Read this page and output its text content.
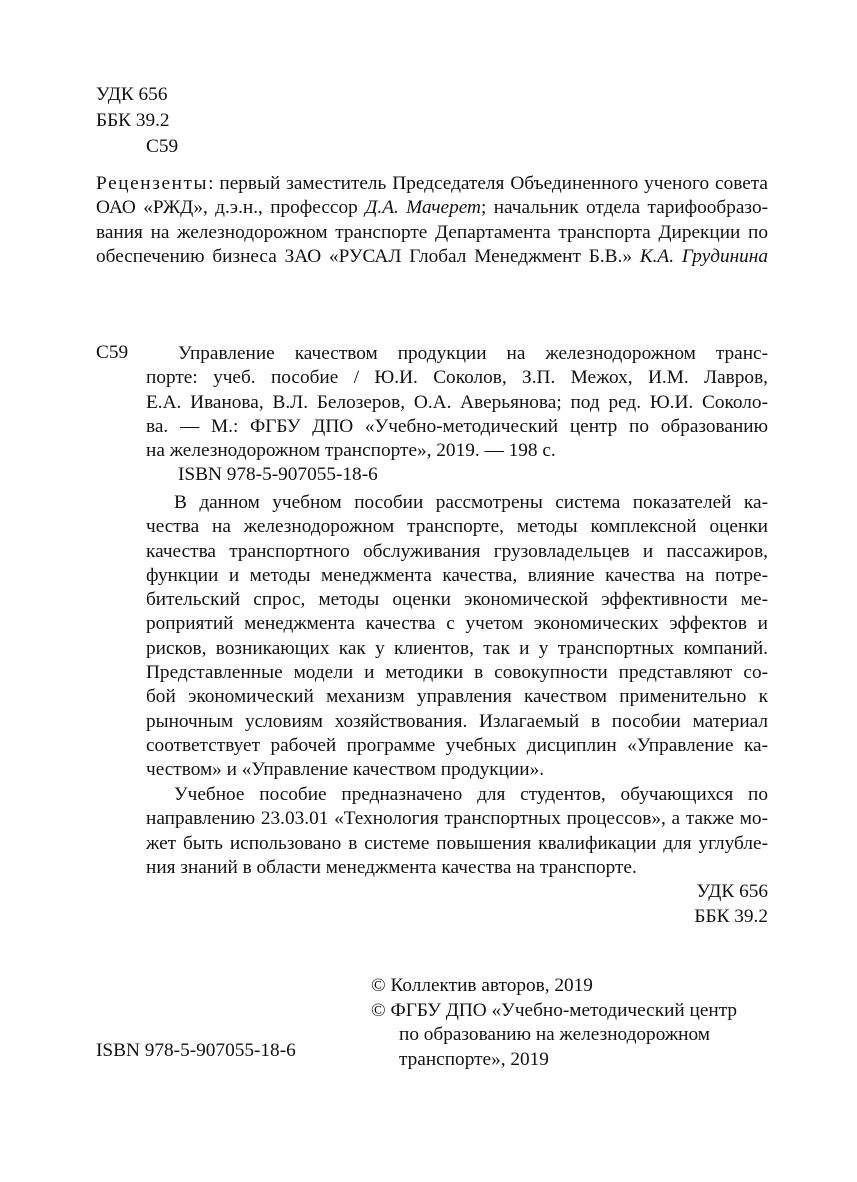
УДК 656
ББК 39.2
С59
Рецензенты: первый заместитель Председателя Объединенного ученого совета
ОАО «РЖД», д.э.н., профессор Д.А. Мачерет; начальник отдела тарифообразо-
вания на железнодорожном транспорте Департамента транспорта Дирекции по
обеспечению бизнеса ЗАО «РУСАЛ Глобал Менеджмент Б.В.» К.А. Грудинина
С59	Управление качеством продукции на железнодорожном транс-
порте: учеб. пособие / Ю.И. Соколов, З.П. Межох, И.М. Лавров,
Е.А. Иванова, В.Л. Белозеров, О.А. Аверьянова; под ред. Ю.И. Соколо-
ва. — М.: ФГБУ ДПО «Учебно-методический центр по образованию
на железнодорожном транспорте», 2019. — 198 с.
ISBN 978-5-907055-18-6
В данном учебном пособии рассмотрены система показателей ка-
чества на железнодорожном транспорте, методы комплексной оценки
качества транспортного обслуживания грузовладельцев и пассажиров,
функции и методы менеджмента качества, влияние качества на потре-
бительский спрос, методы оценки экономической эффективности ме-
роприятий менеджмента качества с учетом экономических эффектов и
рисков, возникающих как у клиентов, так и у транспортных компаний.
Представленные модели и методики в совокупности представляют со-
бой экономический механизм управления качеством применительно к
рыночным условиям хозяйствования. Излагаемый в пособии материал
соответствует рабочей программе учебных дисциплин «Управление ка-
чеством» и «Управление качеством продукции».
Учебное пособие предназначено для студентов, обучающихся по
направлению 23.03.01 «Технология транспортных процессов», а также мо-
жет быть использовано в системе повышения квалификации для углубле-
ния знаний в области менеджмента качества на транспорте.
УДК 656
ББК 39.2
© Коллектив авторов, 2019
© ФГБУ ДПО «Учебно-методический центр
по образованию на железнодорожном
транспорте», 2019
ISBN 978-5-907055-18-6
